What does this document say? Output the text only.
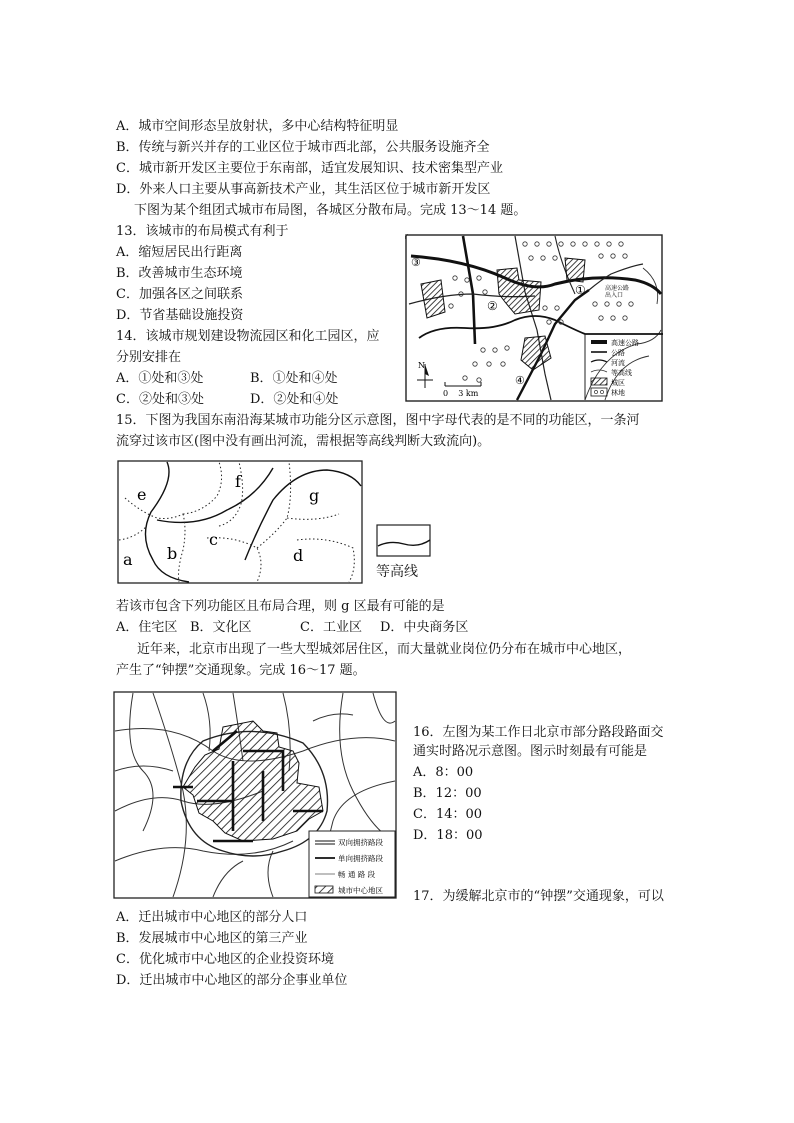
A．城市空间形态呈放射状，多中心结构特征明显
B．传统与新兴并存的工业区位于城市西北部，公共服务设施齐全
C．城市新开发区主要位于东南部，适宜发展知识、技术密集型产业
D．外来人口主要从事高新技术产业，其生活区位于城市新开发区
下图为某个组团式城市布局图，各城区分散布局。完成 13～14 题。
13．该城市的布局模式有利于
A．缩短居民出行距离
B．改善城市生态环境
C．加强各区之间联系
D．节省基础设施投资
14．该城市规划建设物流园区和化工园区，应
分别安排在
A．①处和③处	B．①处和④处
C．②处和③处	D．②处和④处
③
②
①
④
高速公路
出入口
N
0    3 km
高速公路
公路
河流
等高线
城区
林地
15．下图为我国东南沿海某城市功能分区示意图，图中字母代表的是不同的功能区，一条河
流穿过该市区(图中没有画出河流，需根据等高线判断大致流向)。
a b
c
d
e
f
g
等高线
若该市包含下列功能区且布局合理，则 g 区最有可能的是
A．住宅区 B．文化区	C．工业区 D．中央商务区
近年来，北京市出现了一些大型城郊居住区，而大量就业岗位仍分布在城市中心地区，
产生了“钟摆”交通现象。完成 16～17 题。
双向拥挤路段
单向拥挤路段
畅 通 路 段
城市中心地区
16．左图为某工作日北京市部分路段路面交
通实时路况示意图。图示时刻最有可能是
A．8：00
B．12：00
C．14：00
D．18：00
17．为缓解北京市的“钟摆”交通现象，可以
A．迁出城市中心地区的部分人口
B．发展城市中心地区的第三产业
C．优化城市中心地区的企业投资环境
D．迁出城市中心地区的部分企事业单位
